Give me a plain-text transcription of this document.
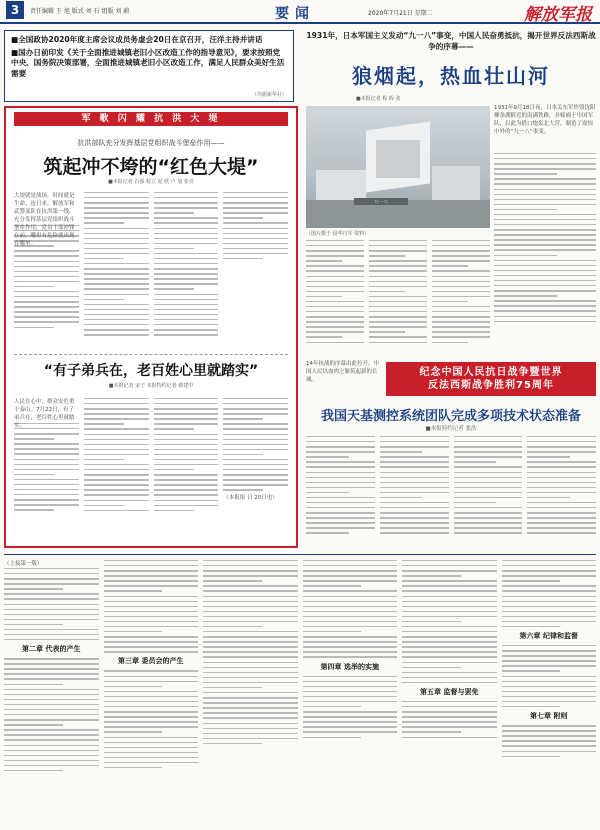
3	责任编辑 王 旭 版式 刘 石 组版 刘 蔚	要闻	2020年7月21日 星期二	解放军报

■全国政协2020年度主席会议成员务虚会20日在京召开，汪洋主持并讲话

■国办日前印发《关于全面推进城镇老旧小区改造工作的指导意见》，要求按照党中央、国务院决策部署，全面推进城镇老旧小区改造工作，满足人民群众美好生活需要

（均据新华社）
军 歌 闪 耀 抗 洪 大 堤
抗洪部队充分发挥基层党组织战斗堡垒作用——
筑起冲不垮的“红色大堤”
■本报记者 石强 程立 夏 欣 卢 旭 张亮
大堤就是战场，时间就是生命。连日来，解放军和武警部队在抗洪第一线，充分发挥基层党组织战斗堡垒作用，党员干部冲锋在前，哪里有危险就出现在哪里。
“有子弟兵在，老百姓心里就踏实”
■本报记者 宋子 本报特约记者 蔡建中
人民在心中，群众安危重于泰山。7月22日，有子弟兵在，老百姓心里就踏实。
（本报报 日 20日电）
1931年，日本军国主义发动“九一八”事变，中国人民奋勇抵抗，揭开世界反法西斯战争的序幕——
狼烟起，热血壮山河
■本报记者 程 晖 张
九·一八
（图片摄于 侵华日军 资料）
1931年9月18日夜，日本关东军炸毁沈阳柳条湖附近的南满铁路，并嫁祸于中国军队，以此为借口炮轰北大营，制造了震惊中外的“九一八”事变。
14年抗战的序幕由此拉开，中国人民以血肉之躯筑起新的长城。
纪念中国人民抗日战争暨世界
反法西斯战争胜利75周年
我国天基测控系统团队完成多项技术状态准备
■本报特约记者 张浩
（上接第一版）
第二章 代表的产生
第三章 委员会的产生
第四章 选举的实施
第五章 监督与罢免
第六章 纪律和监督
第七章 附则
